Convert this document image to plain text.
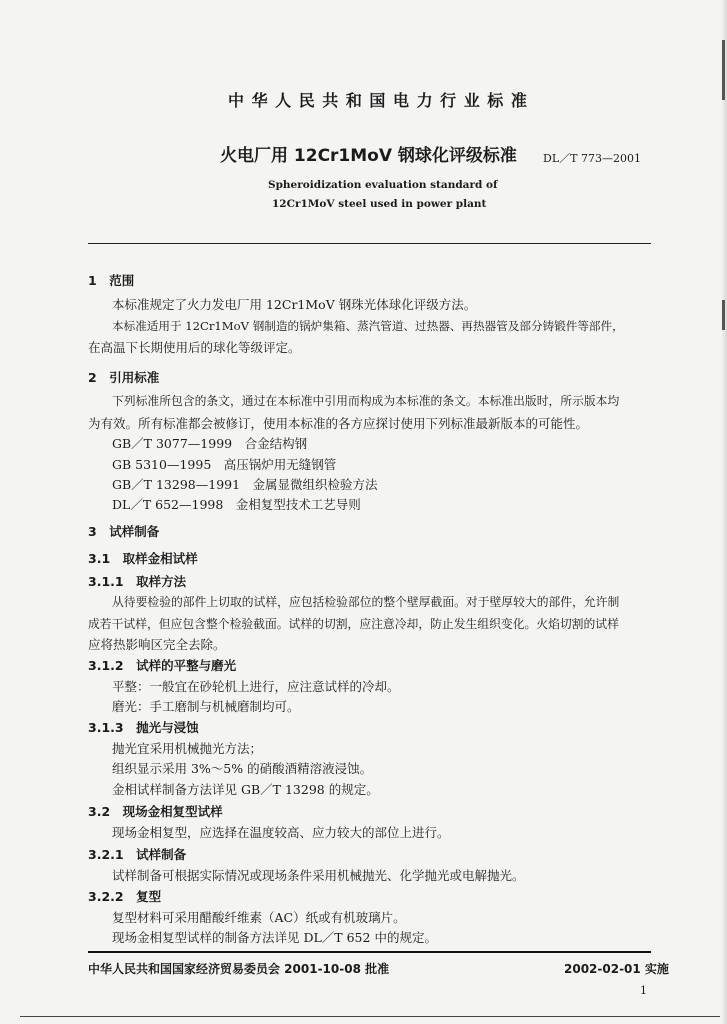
中 华 人 民 共 和 国 电 力 行 业 标 准
火电厂用 12Cr1MoV 钢球化评级标准 DL／T 773—2001
Spheroidization evaluation standard of
12Cr1MoV steel used in power plant
1　范围
本标准规定了火力发电厂用 12Cr1MoV 钢珠光体球化评级方法。
本标准适用于 12Cr1MoV 钢制造的锅炉集箱、蒸汽管道、过热器、再热器管及部分铸锻件等部件，
在高温下长期使用后的球化等级评定。
2　引用标准
下列标准所包含的条文，通过在本标准中引用而构成为本标准的条文。本标准出版时，所示版本均
为有效。所有标准都会被修订，使用本标准的各方应探讨使用下列标准最新版本的可能性。
GB／T 3077—1999　合金结构钢
GB 5310—1995　高压锅炉用无缝钢管
GB／T 13298—1991　金属显微组织检验方法
DL／T 652—1998　金相复型技术工艺导则
3　试样制备
3.1　取样金相试样
3.1.1　取样方法
从待要检验的部件上切取的试样，应包括检验部位的整个壁厚截面。对于壁厚较大的部件，允许制
成若干试样，但应包含整个检验截面。试样的切割，应注意冷却，防止发生组织变化。火焰切割的试样
应将热影响区完全去除。
3.1.2　试样的平整与磨光
平整：一般宜在砂轮机上进行，应注意试样的冷却。
磨光：手工磨制与机械磨制均可。
3.1.3　抛光与浸蚀
抛光宜采用机械抛光方法；
组织显示采用 3%～5% 的硝酸酒精溶液浸蚀。
金相试样制备方法详见 GB／T 13298 的规定。
3.2　现场金相复型试样
现场金相复型，应选择在温度较高、应力较大的部位上进行。
3.2.1　试样制备
试样制备可根据实际情况或现场条件采用机械抛光、化学抛光或电解抛光。
3.2.2　复型
复型材料可采用醋酸纤维素（AC）纸或有机玻璃片。
现场金相复型试样的制备方法详见 DL／T 652 中的规定。
中华人民共和国国家经济贸易委员会 2001-10-08 批准	2002-02-01 实施
1
